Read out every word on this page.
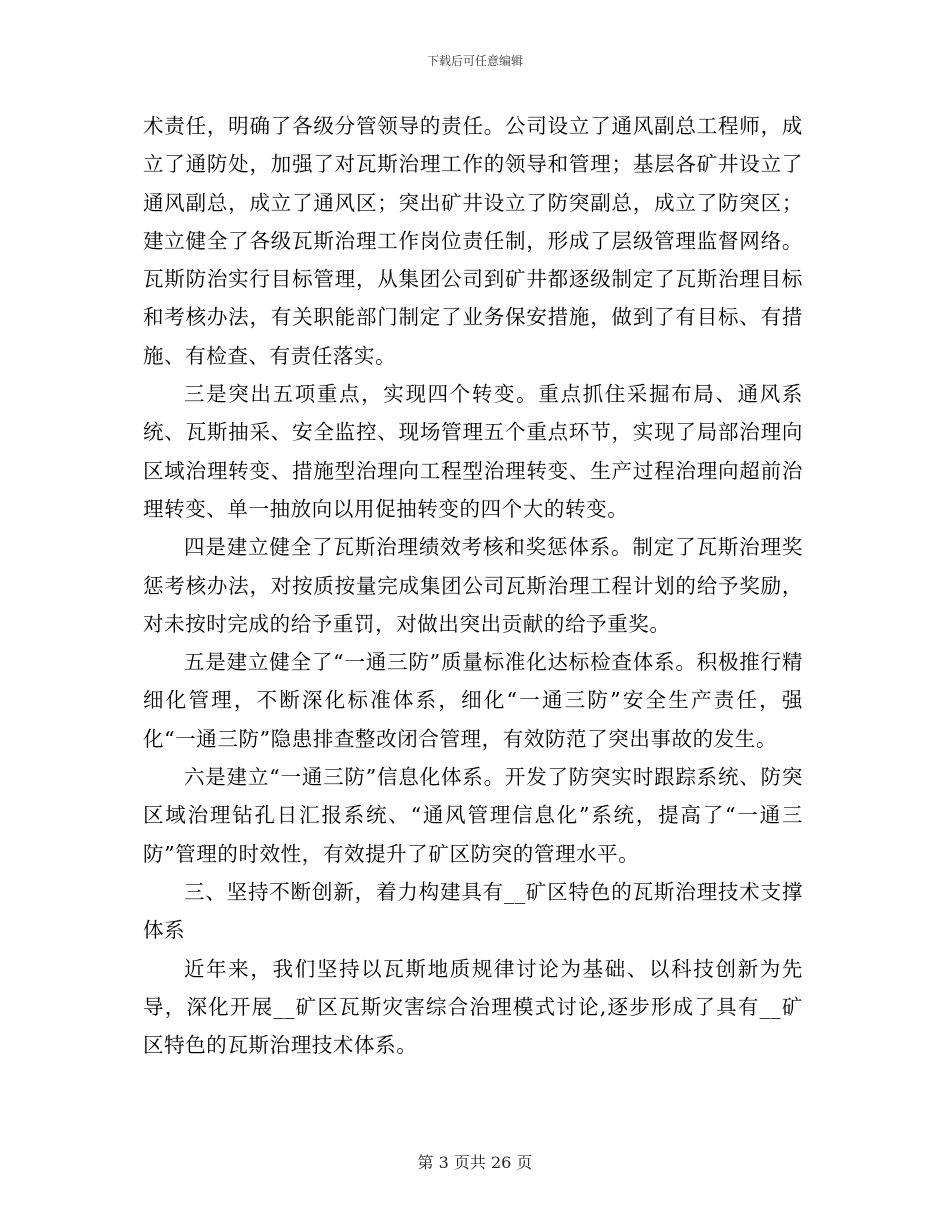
下载后可任意编辑

术责任，明确了各级分管领导的责任。公司设立了通风副总工程师，成立了通防处，加强了对瓦斯治理工作的领导和管理；基层各矿井设立了通风副总，成立了通风区；突出矿井设立了防突副总，成立了防突区；建立健全了各级瓦斯治理工作岗位责任制，形成了层级管理监督网络。瓦斯防治实行目标管理，从集团公司到矿井都逐级制定了瓦斯治理目标和考核办法，有关职能部门制定了业务保安措施，做到了有目标、有措施、有检查、有责任落实。

三是突出五项重点，实现四个转变。重点抓住采掘布局、通风系统、瓦斯抽采、安全监控、现场管理五个重点环节，实现了局部治理向区域治理转变、措施型治理向工程型治理转变、生产过程治理向超前治理转变、单一抽放向以用促抽转变的四个大的转变。

四是建立健全了瓦斯治理绩效考核和奖惩体系。制定了瓦斯治理奖惩考核办法，对按质按量完成集团公司瓦斯治理工程计划的给予奖励，对未按时完成的给予重罚，对做出突出贡献的给予重奖。

五是建立健全了“一通三防”质量标准化达标检查体系。积极推行精细化管理，不断深化标准体系，细化“一通三防”安全生产责任，强化“一通三防”隐患排查整改闭合管理，有效防范了突出事故的发生。

六是建立“一通三防”信息化体系。开发了防突实时跟踪系统、防突区域治理钻孔日汇报系统、“通风管理信息化”系统，提高了“一通三防”管理的时效性，有效提升了矿区防突的管理水平。

三、坚持不断创新，着力构建具有__矿区特色的瓦斯治理技术支撑体系

近年来，我们坚持以瓦斯地质规律讨论为基础、以科技创新为先导，深化开展__矿区瓦斯灾害综合治理模式讨论,逐步形成了具有__矿区特色的瓦斯治理技术体系。

第 3 页共 26 页
